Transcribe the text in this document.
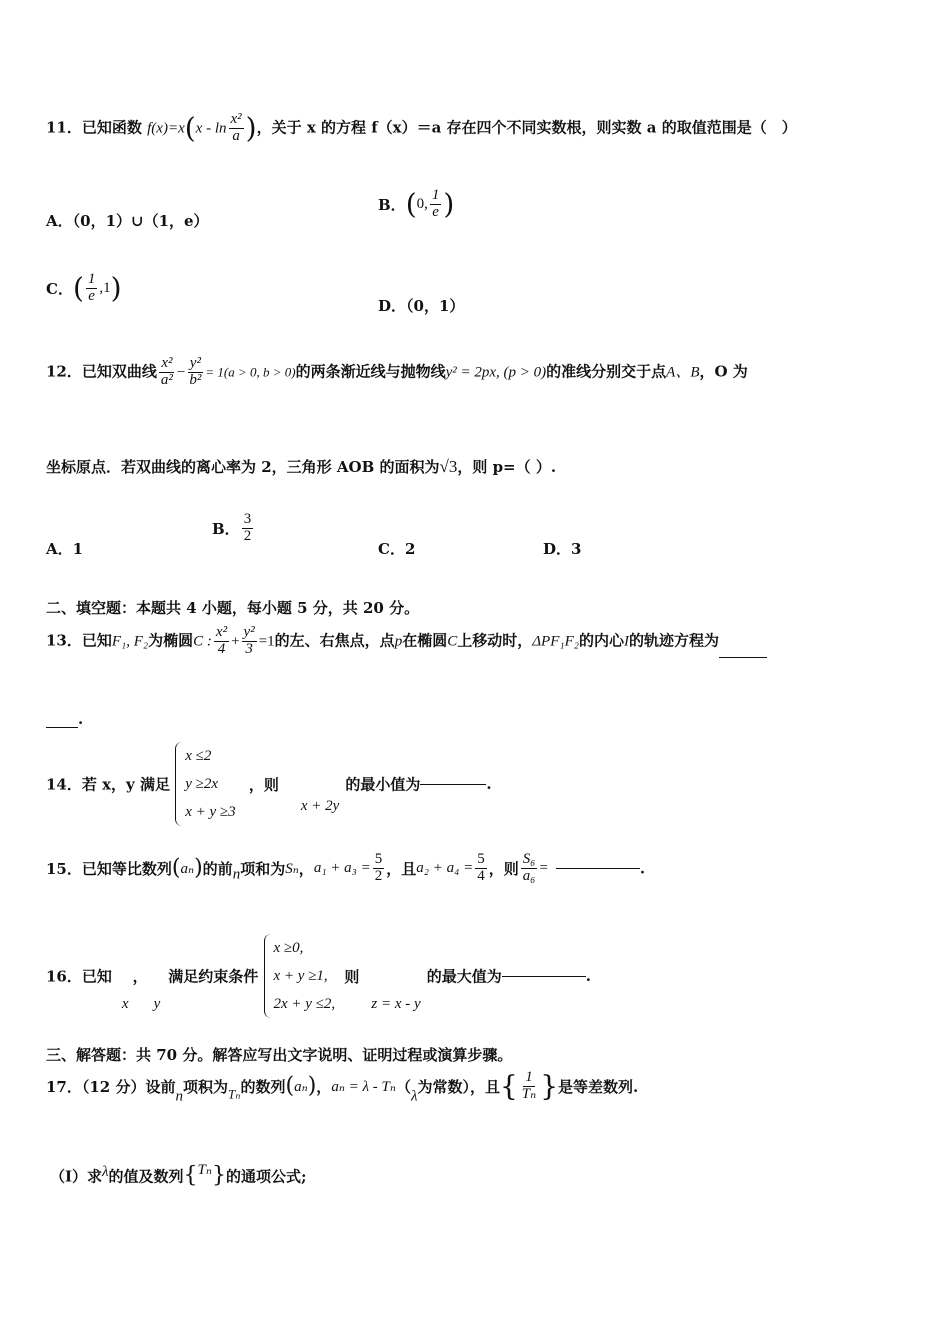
11．已知函数 $f(x)=x(x - \ln \frac{\text{x²}}{a}$ )，关于 x 的方程 f（x）＝a 存在四个不同实数根，则实数 a 的取值范围是（　）
A．（0，1）∪（1，e）
B．(0, $\frac{1}{e}$ )
C．( $\frac{1}{e} ,1$)
D．（0，1）
12．已知双曲线 $\frac{\text{x²}}{\text{a²}} - \frac{\text{y²}}{\text{b²}} = 1(a > 0$, b > 0)的两条渐近线与抛物线y² = 2px, (p > 0)的准线分别交于点A、B，O 为
坐标原点．若双曲线的离心率为 2，三角形 AOB 的面积为√3，则 p=（ ）.
A．1
B． $\frac{3}{2}$
C．2	D．3
二、填空题：本题共 4 小题，每小题 5 分，共 20 分。
13．已知F₁, F₂为椭圆C : $\frac{\text{x²}}{4} + \frac{\text{y²}}{3} =1$的左、右焦点，点p在椭圆C上移动时，ΔPF₁F₂的内心I的轨迹方程为
.
14．若 x，y 满足
x ≤2
y ≥2x
x + y ≥3
，则x + 2y的最小值为	.
15．已知等比数列(aₙ)的前n项和为Sₙ，$a_1 + a_3 = \frac{5}{2}$ ，且$a_2 + a_4 = \frac{5}{4}$ ，则 $\frac{\text{S₆}}{\text{a₆}}$ =	.
16．已知x，y满足约束条件
x ≥0,
x + y ≥1,
2x + y ≤2,
则z = x - y的最大值为	.
三、解答题：共 70 分。解答应写出文字说明、证明过程或演算步骤。
17．（12 分）设前n项积为Tₙ的数列(aₙ)，aₙ = λ - Tₙ（λ为常数），且{ $\frac{1}{\text{Tₙ}}$ }是等差数列.
（Ⅰ）求λ的值及数列{Tₙ}的通项公式;
